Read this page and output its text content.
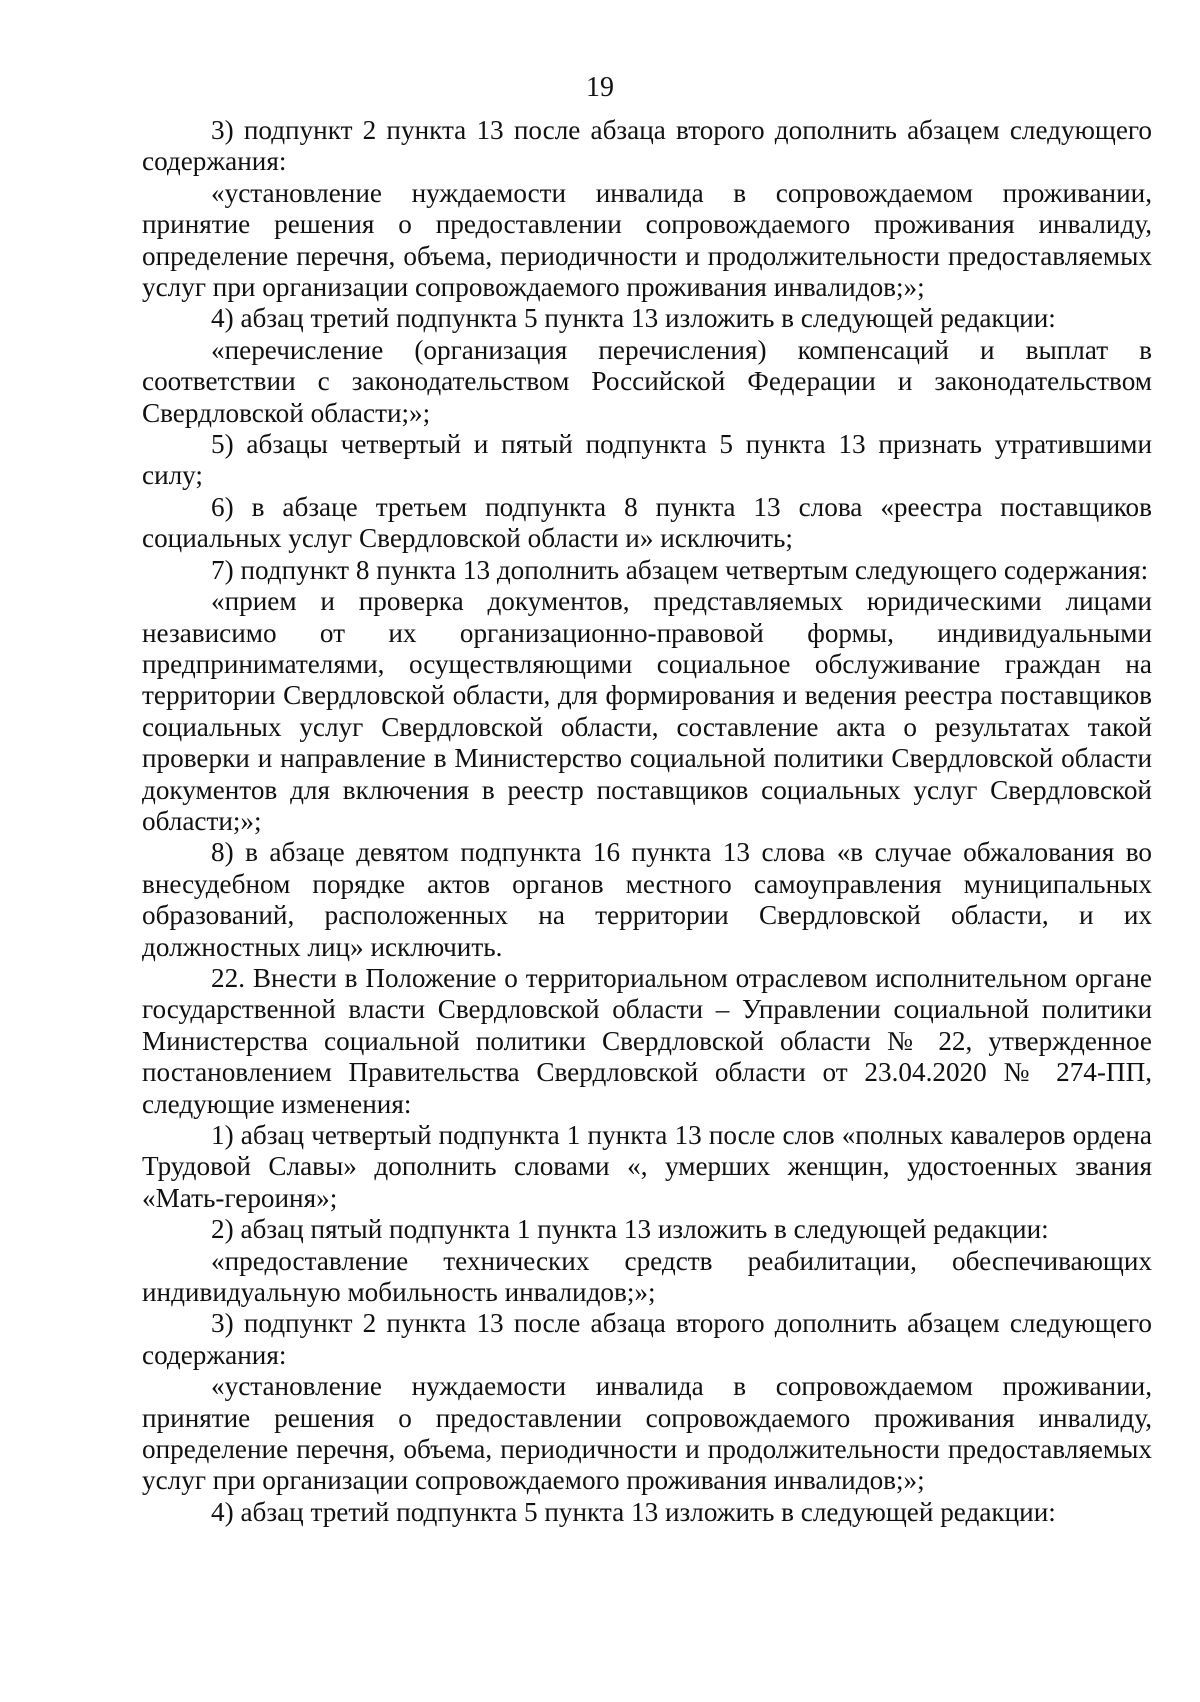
19

3) подпункт 2 пункта 13 после абзаца второго дополнить абзацем следующего содержания:

«установление нуждаемости инвалида в сопровождаемом проживании, принятие решения о предоставлении сопровождаемого проживания инвалиду, определение перечня, объема, периодичности и продолжительности предоставляемых услуг при организации сопровождаемого проживания инвалидов;»;

4) абзац третий подпункта 5 пункта 13 изложить в следующей редакции:

«перечисление (организация перечисления) компенсаций и выплат в соответствии с законодательством Российской Федерации и законодательством Свердловской области;»;

5) абзацы четвертый и пятый подпункта 5 пункта 13 признать утратившими силу;

6) в абзаце третьем подпункта 8 пункта 13 слова «реестра поставщиков социальных услуг Свердловской области и» исключить;

7) подпункт 8 пункта 13 дополнить абзацем четвертым следующего содержания:

«прием и проверка документов, представляемых юридическими лицами независимо от их организационно-правовой формы, индивидуальными предпринимателями, осуществляющими социальное обслуживание граждан на территории Свердловской области, для формирования и ведения реестра поставщиков социальных услуг Свердловской области, составление акта о результатах такой проверки и направление в Министерство социальной политики Свердловской области документов для включения в реестр поставщиков социальных услуг Свердловской области;»;

8) в абзаце девятом подпункта 16 пункта 13 слова «в случае обжалования во внесудебном порядке актов органов местного самоуправления муниципальных образований, расположенных на территории Свердловской области, и их должностных лиц» исключить.

22. Внести в Положение о территориальном отраслевом исполнительном органе государственной власти Свердловской области – Управлении социальной политики Министерства социальной политики Свердловской области № 22, утвержденное постановлением Правительства Свердловской области от 23.04.2020 № 274-ПП, следующие изменения:

1) абзац четвертый подпункта 1 пункта 13 после слов «полных кавалеров ордена Трудовой Славы» дополнить словами «, умерших женщин, удостоенных звания «Мать-героиня»;

2) абзац пятый подпункта 1 пункта 13 изложить в следующей редакции:

«предоставление технических средств реабилитации, обеспечивающих индивидуальную мобильность инвалидов;»;

3) подпункт 2 пункта 13 после абзаца второго дополнить абзацем следующего содержания:

«установление нуждаемости инвалида в сопровождаемом проживании, принятие решения о предоставлении сопровождаемого проживания инвалиду, определение перечня, объема, периодичности и продолжительности предоставляемых услуг при организации сопровождаемого проживания инвалидов;»;

4) абзац третий подпункта 5 пункта 13 изложить в следующей редакции:
